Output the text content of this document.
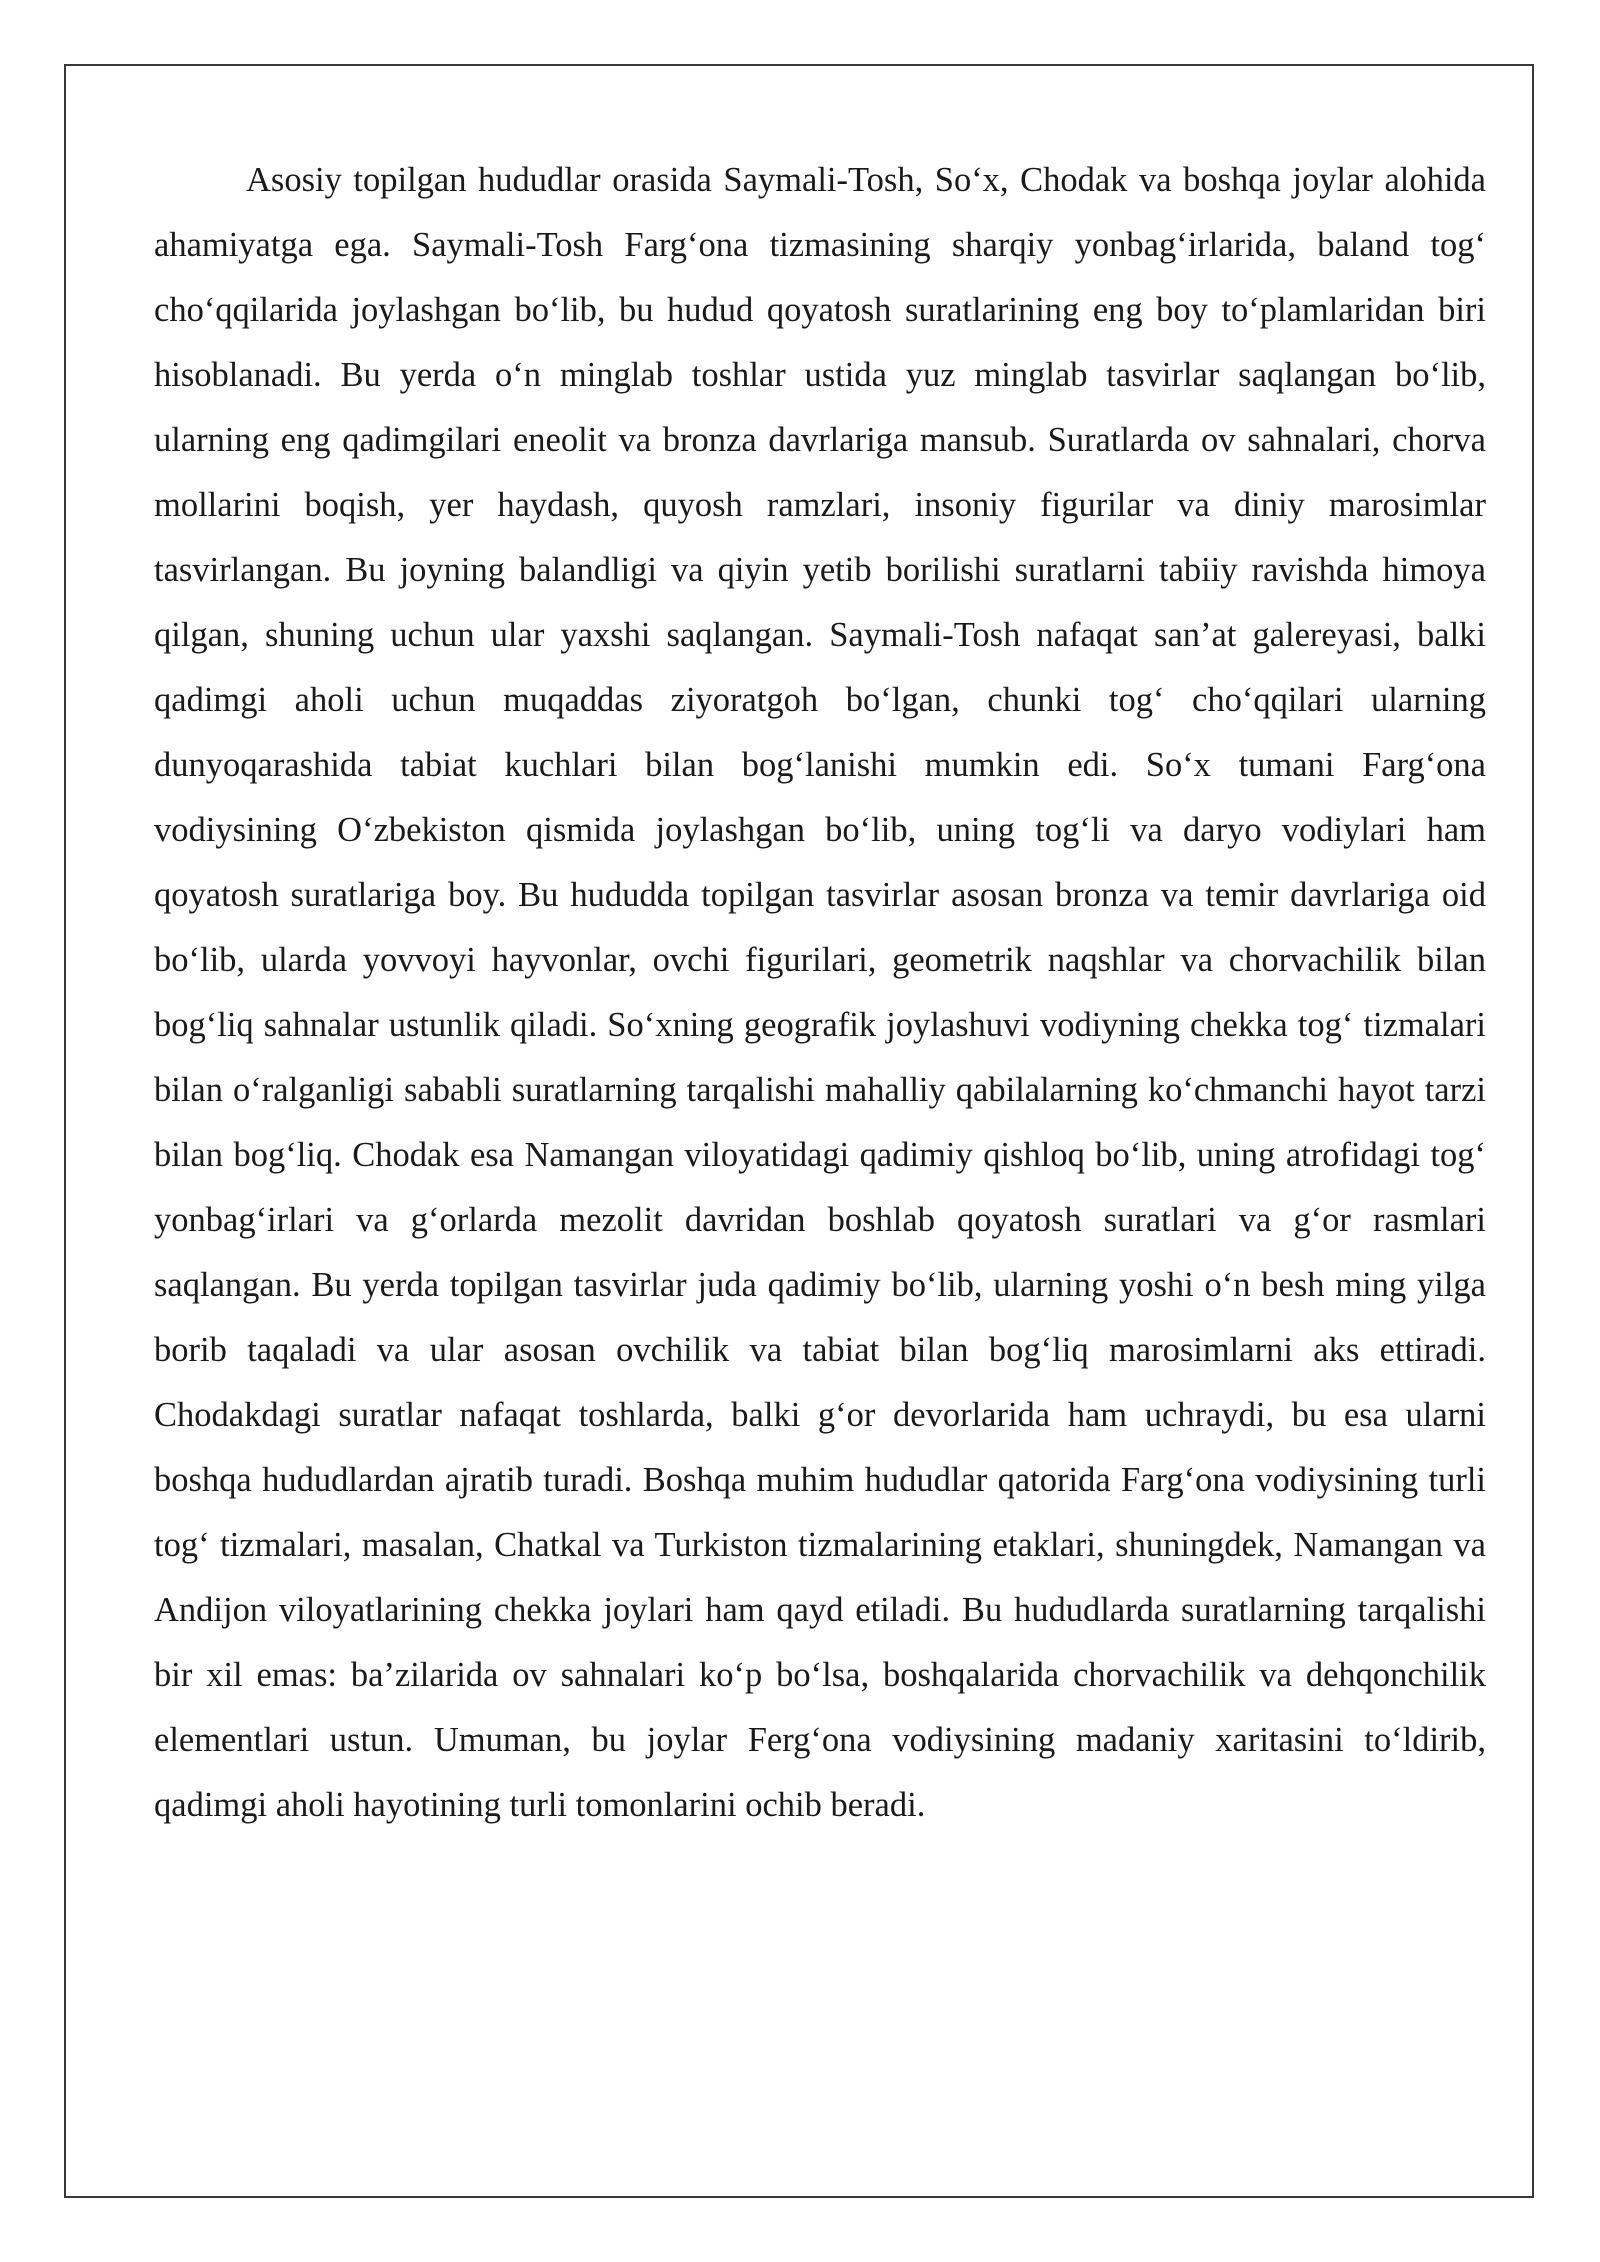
Asosiy topilgan hududlar orasida Saymali-Tosh, So‘x, Chodak va boshqa joylar alohida ahamiyatga ega. Saymali-Tosh Farg‘ona tizmasining sharqiy yonbag‘irlarida, baland tog‘ cho‘qqilarida joylashgan bo‘lib, bu hudud qoyatosh suratlarining eng boy to‘plamlaridan biri hisoblanadi. Bu yerda o‘n minglab toshlar ustida yuz minglab tasvirlar saqlangan bo‘lib, ularning eng qadimgilari eneolit va bronza davrlariga mansub. Suratlarda ov sahnalari, chorva mollarini boqish, yer haydash, quyosh ramzlari, insoniy figurilar va diniy marosimlar tasvirlangan. Bu joyning balandligi va qiyin yetib borilishi suratlarni tabiiy ravishda himoya qilgan, shuning uchun ular yaxshi saqlangan. Saymali-Tosh nafaqat san’at galereyasi, balki qadimgi aholi uchun muqaddas ziyoratgoh bo‘lgan, chunki tog‘ cho‘qqilari ularning dunyoqarashida tabiat kuchlari bilan bog‘lanishi mumkin edi. So‘x tumani Farg‘ona vodiysining O‘zbekiston qismida joylashgan bo‘lib, uning tog‘li va daryo vodiylari ham qoyatosh suratlariga boy. Bu hududda topilgan tasvirlar asosan bronza va temir davrlariga oid bo‘lib, ularda yovvoyi hayvonlar, ovchi figurilari, geometrik naqshlar va chorvachilik bilan bog‘liq sahnalar ustunlik qiladi. So‘xning geografik joylashuvi vodiyning chekka tog‘ tizmalari bilan o‘ralganligi sababli suratlarning tarqalishi mahalliy qabilalarning ko‘chmanchi hayot tarzi bilan bog‘liq. Chodak esa Namangan viloyatidagi qadimiy qishloq bo‘lib, uning atrofidagi tog‘ yonbag‘irlari va g‘orlarda mezolit davridan boshlab qoyatosh suratlari va g‘or rasmlari saqlangan. Bu yerda topilgan tasvirlar juda qadimiy bo‘lib, ularning yoshi o‘n besh ming yilga borib taqaladi va ular asosan ovchilik va tabiat bilan bog‘liq marosimlarni aks ettiradi. Chodakdagi suratlar nafaqat toshlarda, balki g‘or devorlarida ham uchraydi, bu esa ularni boshqa hududlardan ajratib turadi. Boshqa muhim hududlar qatorida Farg‘ona vodiysining turli tog‘ tizmalari, masalan, Chatkal va Turkiston tizmalarining etaklari, shuningdek, Namangan va Andijon viloyatlarining chekka joylari ham qayd etiladi. Bu hududlarda suratlarning tarqalishi bir xil emas: ba’zilarida ov sahnalari ko‘p bo‘lsa, boshqalarida chorvachilik va dehqonchilik elementlari ustun. Umuman, bu joylar Ferg‘ona vodiysining madaniy xaritasini to‘ldirib, qadimgi aholi hayotining turli tomonlarini ochib beradi.
